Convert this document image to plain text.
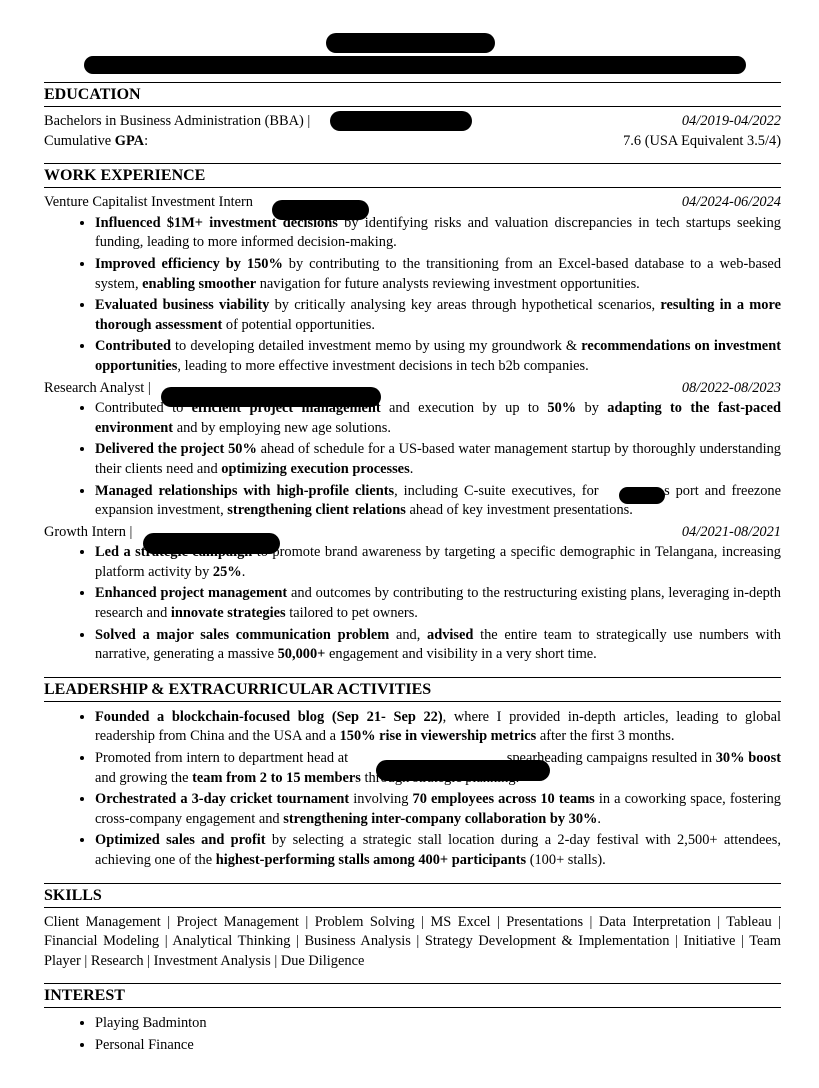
EDUCATION
Bachelors in Business Administration (BBA) |	04/2019-04/2022
Cumulative GPA:	7.6 (USA Equivalent 3.5/4)
WORK EXPERIENCE
Venture Capitalist Investment Intern	04/2024-06/2024
• Influenced $1M+ investment decisions by identifying risks and valuation discrepancies in tech startups seeking funding, leading to more informed decision-making.
• Improved efficiency by 150% by contributing to the transitioning from an Excel-based database to a web-based system, enabling smoother navigation for future analysts reviewing investment opportunities.
• Evaluated business viability by critically analysing key areas through hypothetical scenarios, resulting in a more thorough assessment of potential opportunities.
• Contributed to developing detailed investment memo by using my groundwork & recommendations on investment opportunities, leading to more effective investment decisions in tech b2b companies.
Research Analyst |	08/2022-08/2023
• Contributed to efficient project management and execution by up to 50% by adapting to the fast-paced environment and by employing new age solutions.
• Delivered the project 50% ahead of schedule for a US-based water management startup by thoroughly understanding their clients need and optimizing execution processes.
• Managed relationships with high-profile clients, including C-suite executives, for	s port and freezone expansion investment, strengthening client relations ahead of key investment presentations.
Growth Intern |	04/2021-08/2021
• Led a strategic campaign to promote brand awareness by targeting a specific demographic in Telangana, increasing platform activity by 25%.
• Enhanced project management and outcomes by contributing to the restructuring existing plans, leveraging in-depth research and innovate strategies tailored to pet owners.
• Solved a major sales communication problem and, advised the entire team to strategically use numbers with narrative, generating a massive 50,000+ engagement and visibility in a very short time.
LEADERSHIP & EXTRACURRICULAR ACTIVITIES
• Founded a blockchain-focused blog (Sep 21- Sep 22), where I provided in-depth articles, leading to global readership from China and the USA and a 150% rise in viewership metrics after the first 3 months.
• Promoted from intern to department head at	, spearheading campaigns resulted in 30% boost and growing the team from 2 to 15 members through strategic planning.
• Orchestrated a 3-day cricket tournament involving 70 employees across 10 teams in a coworking space, fostering cross-company engagement and strengthening inter-company collaboration by 30%.
• Optimized sales and profit by selecting a strategic stall location during a 2-day festival with 2,500+ attendees, achieving one of the highest-performing stalls among 400+ participants (100+ stalls).
SKILLS
Client Management | Project Management | Problem Solving | MS Excel | Presentations | Data Interpretation | Tableau | Financial Modeling | Analytical Thinking | Business Analysis | Strategy Development & Implementation | Initiative | Team Player | Research | Investment Analysis | Due Diligence
INTEREST
• Playing Badminton
• Personal Finance
